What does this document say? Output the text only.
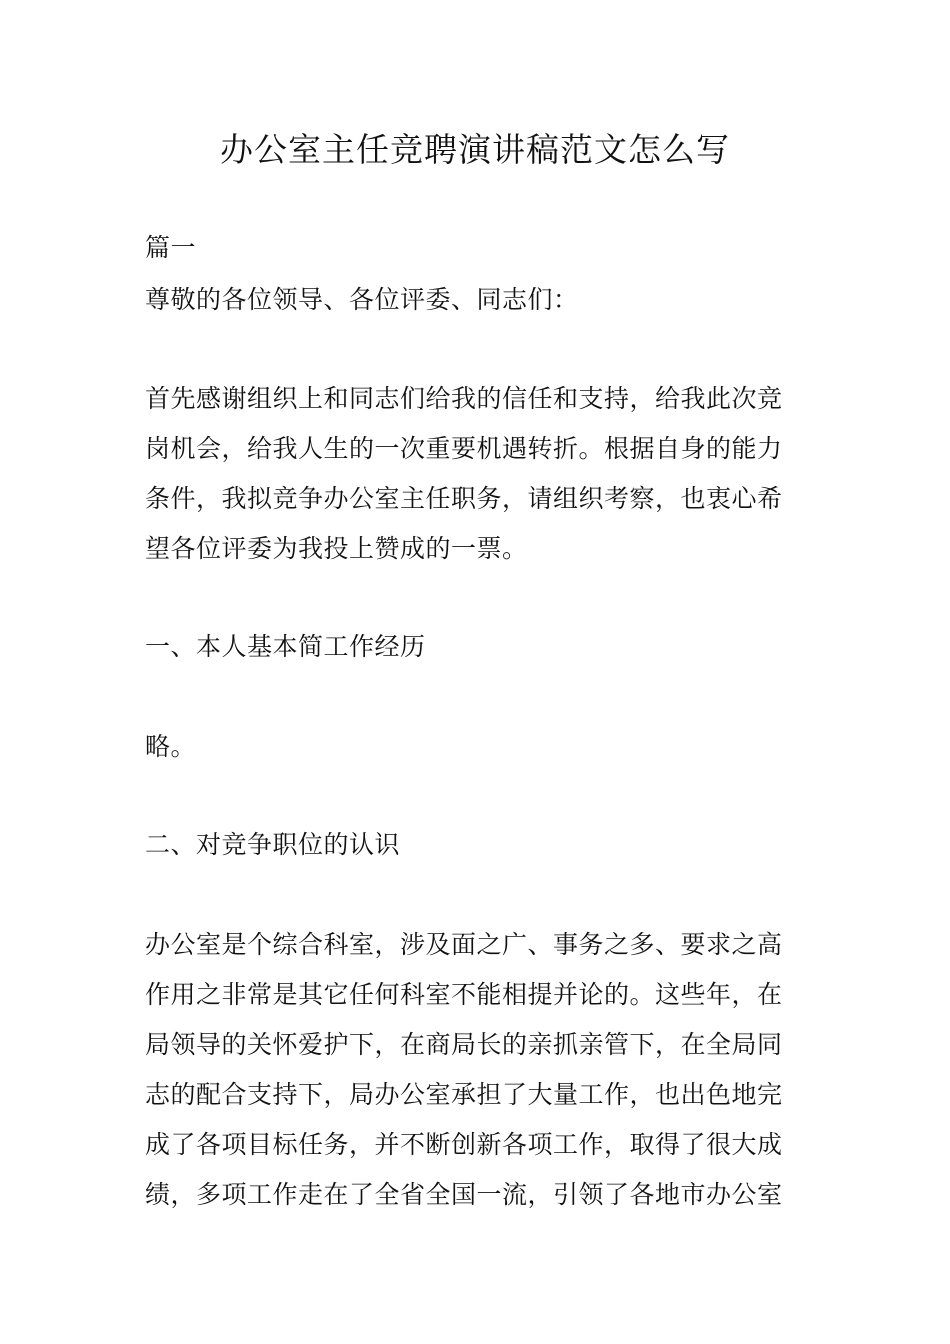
办公室主任竞聘演讲稿范文怎么写
篇一
尊敬的各位领导、各位评委、同志们：
首先感谢组织上和同志们给我的信任和支持，给我此次竞
岗机会，给我人生的一次重要机遇转折。根据自身的能力
条件，我拟竞争办公室主任职务，请组织考察，也衷心希
望各位评委为我投上赞成的一票。
一、本人基本简工作经历
略。
二、对竞争职位的认识
办公室是个综合科室，涉及面之广、事务之多、要求之高
作用之非常是其它任何科室不能相提并论的。这些年，在
局领导的关怀爱护下，在商局长的亲抓亲管下，在全局同
志的配合支持下，局办公室承担了大量工作，也出色地完
成了各项目标任务，并不断创新各项工作，取得了很大成
绩，多项工作走在了全省全国一流，引领了各地市办公室
